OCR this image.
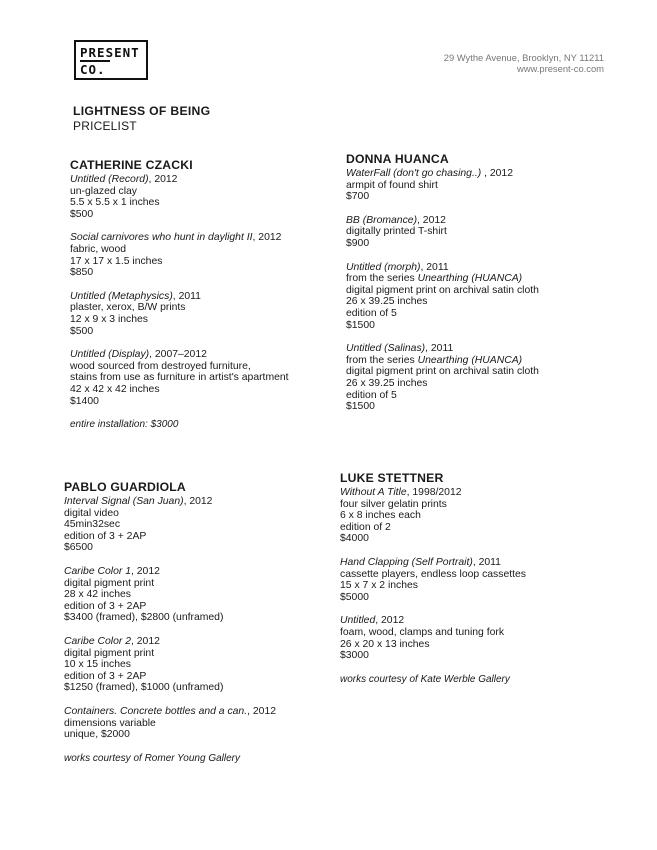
PRESENT
CO.
29 Wythe Avenue, Brooklyn, NY 11211
www.present-co.com
LIGHTNESS OF BEING
PRICELIST
CATHERINE CZACKI
Untitled (Record), 2012
un-glazed clay
5.5 x 5.5 x 1 inches
$500
Social carnivores who hunt in daylight II, 2012
fabric, wood
17 x 17 x 1.5 inches
$850
Untitled (Metaphysics), 2011
plaster, xerox, B/W prints
12 x 9 x 3 inches
$500
Untitled (Display), 2007–2012
wood sourced from destroyed furniture,
stains from use as furniture in artist's apartment
42 x 42 x 42 inches
$1400
entire installation: $3000
DONNA HUANCA
WaterFall (don't go chasing..) , 2012
armpit of found shirt
$700
BB (Bromance), 2012
digitally printed T-shirt
$900
Untitled (morph), 2011
from the series Unearthing (HUANCA)
digital pigment print on archival satin cloth
26 x 39.25 inches
edition of 5
$1500
Untitled (Salinas), 2011
from the series Unearthing (HUANCA)
digital pigment print on archival satin cloth
26 x 39.25 inches
edition of 5
$1500
PABLO GUARDIOLA
Interval Signal (San Juan), 2012
digital video
45min32sec
edition of 3 + 2AP
$6500
Caribe Color 1, 2012
digital pigment print
28 x 42 inches
edition of 3 + 2AP
$3400 (framed), $2800 (unframed)
Caribe Color 2, 2012
digital pigment print
10 x 15 inches
edition of 3 + 2AP
$1250 (framed), $1000 (unframed)
Containers. Concrete bottles and a can., 2012
dimensions variable
unique, $2000
works courtesy of Romer Young Gallery
LUKE STETTNER
Without A Title, 1998/2012
four silver gelatin prints
6 x 8 inches each
edition of 2
$4000
Hand Clapping (Self Portrait), 2011
cassette players, endless loop cassettes
15 x 7 x 2 inches
$5000
Untitled, 2012
foam, wood, clamps and tuning fork
26 x 20 x 13 inches
$3000
works courtesy of Kate Werble Gallery
